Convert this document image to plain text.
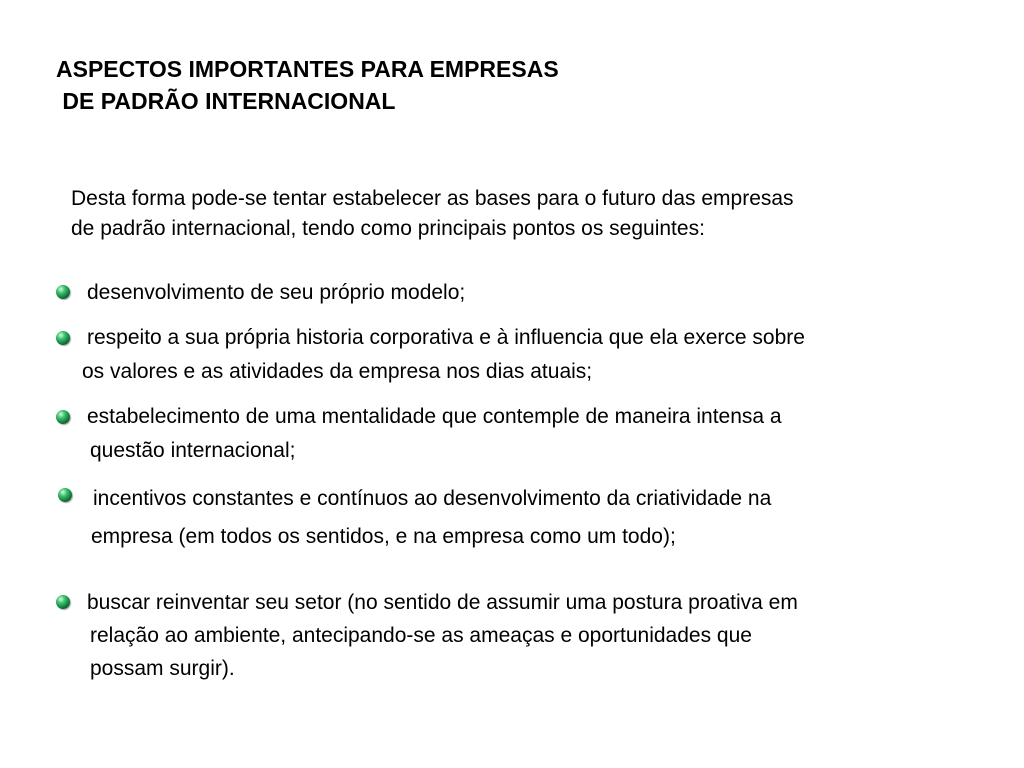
ASPECTOS IMPORTANTES PARA EMPRESAS
DE PADRÃO INTERNACIONAL

Desta forma pode-se tentar estabelecer as bases para o futuro das empresas
de padrão internacional, tendo como principais pontos os seguintes:

desenvolvimento de seu próprio modelo;
respeito a sua própria historia corporativa e à influencia que ela exerce sobre
os valores e as atividades da empresa nos dias atuais;
estabelecimento de uma mentalidade que contemple de maneira intensa a
questão internacional;
incentivos constantes e contínuos ao desenvolvimento da criatividade na
empresa (em todos os sentidos, e na empresa como um todo);
buscar reinventar seu setor (no sentido de assumir uma postura proativa em
relação ao ambiente, antecipando-se as ameaças e oportunidades que
possam surgir).
